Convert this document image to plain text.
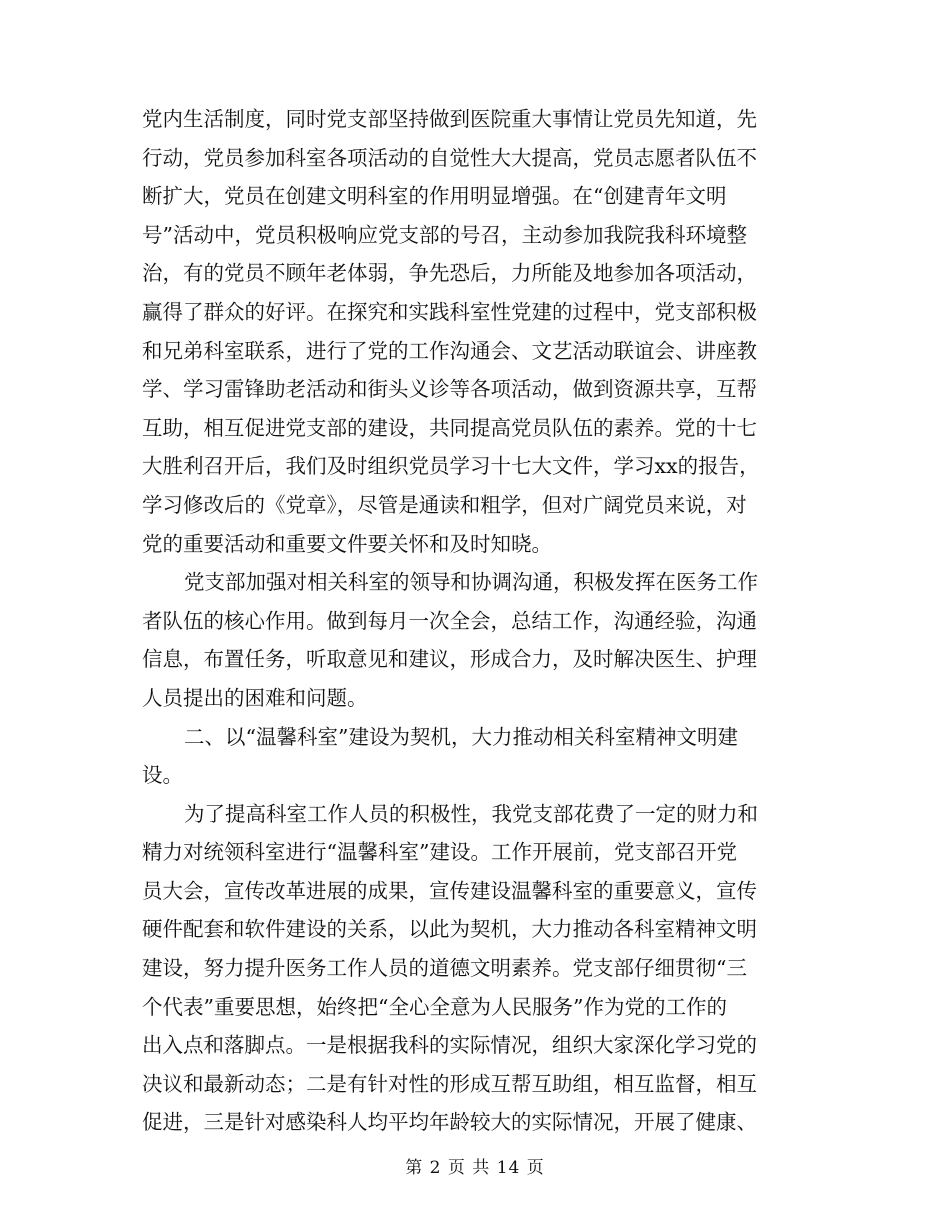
党内生活制度，同时党支部坚持做到医院重大事情让党员先知道，先
行动，党员参加科室各项活动的自觉性大大提高，党员志愿者队伍不
断扩大，党员在创建文明科室的作用明显增强。在“创建青年文明
号”活动中，党员积极响应党支部的号召，主动参加我院我科环境整
治，有的党员不顾年老体弱，争先恐后，力所能及地参加各项活动，
赢得了群众的好评。在探究和实践科室性党建的过程中，党支部积极
和兄弟科室联系，进行了党的工作沟通会、文艺活动联谊会、讲座教
学、学习雷锋助老活动和街头义诊等各项活动，做到资源共享，互帮
互助，相互促进党支部的建设，共同提高党员队伍的素养。党的十七
大胜利召开后，我们及时组织党员学习十七大文件，学习xx的报告，
学习修改后的《党章》，尽管是通读和粗学，但对广阔党员来说，对
党的重要活动和重要文件要关怀和及时知晓。
党支部加强对相关科室的领导和协调沟通，积极发挥在医务工作
者队伍的核心作用。做到每月一次全会，总结工作，沟通经验，沟通
信息，布置任务，听取意见和建议，形成合力，及时解决医生、护理
人员提出的困难和问题。
二、以“温馨科室”建设为契机，大力推动相关科室精神文明建
设。
为了提高科室工作人员的积极性，我党支部花费了一定的财力和
精力对统领科室进行“温馨科室”建设。工作开展前，党支部召开党
员大会，宣传改革进展的成果，宣传建设温馨科室的重要意义，宣传
硬件配套和软件建设的关系，以此为契机，大力推动各科室精神文明
建设，努力提升医务工作人员的道德文明素养。党支部仔细贯彻“三
个代表”重要思想，始终把“全心全意为人民服务”作为党的工作的
出入点和落脚点。一是根据我科的实际情况，组织大家深化学习党的
决议和最新动态；二是有针对性的形成互帮互助组，相互监督，相互
促进，三是针对感染科人均平均年龄较大的实际情况，开展了健康、
第 2 页 共 14 页
